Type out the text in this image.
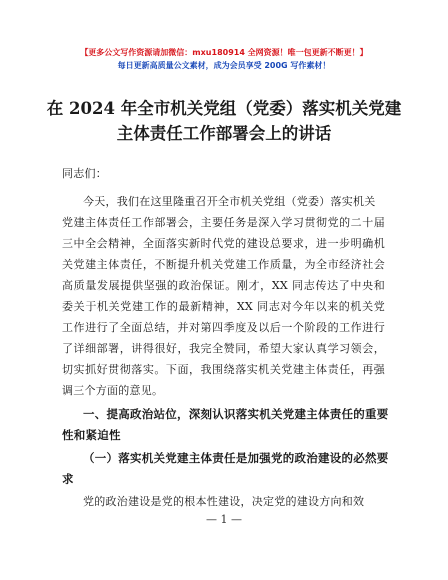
【更多公文写作资源请加微信：mxu180914 全网资源！唯一包更新不断更！】
每日更新高质量公文素材，成为会员享受 200G 写作素材！
在 2024 年全市机关党组（党委）落实机关党建
主体责任工作部署会上的讲话
同志们：
今天，我们在这里隆重召开全市机关党组（党委）落实机关
党建主体责任工作部署会，主要任务是深入学习贯彻党的二十届
三中全会精神，全面落实新时代党的建设总要求，进一步明确机
关党建主体责任，不断提升机关党建工作质量，为全市经济社会
高质量发展提供坚强的政治保证。刚才，XX 同志传达了中央和
委关于机关党建工作的最新精神，XX 同志对今年以来的机关党
工作进行了全面总结，并对第四季度及以后一个阶段的工作进行
了详细部署，讲得很好，我完全赞同，希望大家认真学习领会，
切实抓好贯彻落实。下面，我围绕落实机关党建主体责任，再强
调三个方面的意见。
一、提高政治站位，深刻认识落实机关党建主体责任的重要
性和紧迫性
（一）落实机关党建主体责任是加强党的政治建设的必然要
求
党的政治建设是党的根本性建设，决定党的建设方向和效
— 1 —
